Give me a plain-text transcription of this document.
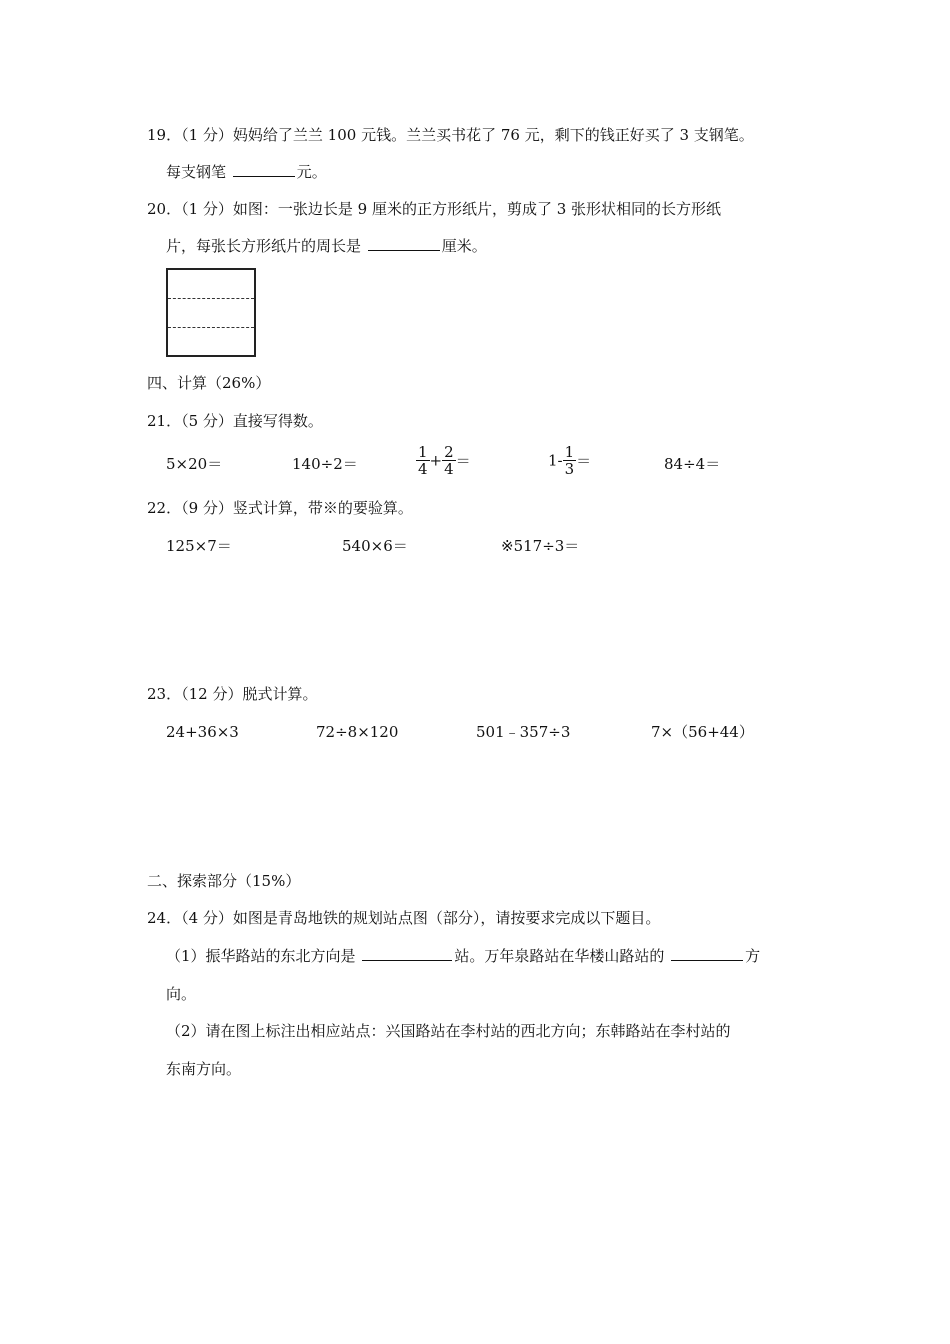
19．（1 分）妈妈给了兰兰 100 元钱。兰兰买书花了 76 元，剩下的钱正好买了 3 支钢笔。
每支钢笔	元。
20．（1 分）如图：一张边长是 9 厘米的正方形纸片，剪成了 3 张形状相同的长方形纸
片，每张长方形纸片的周长是	厘米。
四、计算（26%）
21．（5 分）直接写得数。
5×20＝	140÷2＝	$\frac{1}{4} + \frac{2}{4}$ ＝	$1- \frac{1}{3}$ ＝	84÷4＝
22．（9 分）竖式计算，带※的要验算。
125×7＝	540×6＝	※517÷3＝
23．（12 分）脱式计算。
24+36×3	72÷8×120	501﹣357÷3	7×（56+44）
二、探索部分（15%）
24．（4 分）如图是青岛地铁的规划站点图（部分），请按要求完成以下题目。
（1）振华路站的东北方向是	站。万年泉路站在华楼山路站的	方
向。
（2）请在图上标注出相应站点：兴国路站在李村站的西北方向；东韩路站在李村站的
东南方向。
